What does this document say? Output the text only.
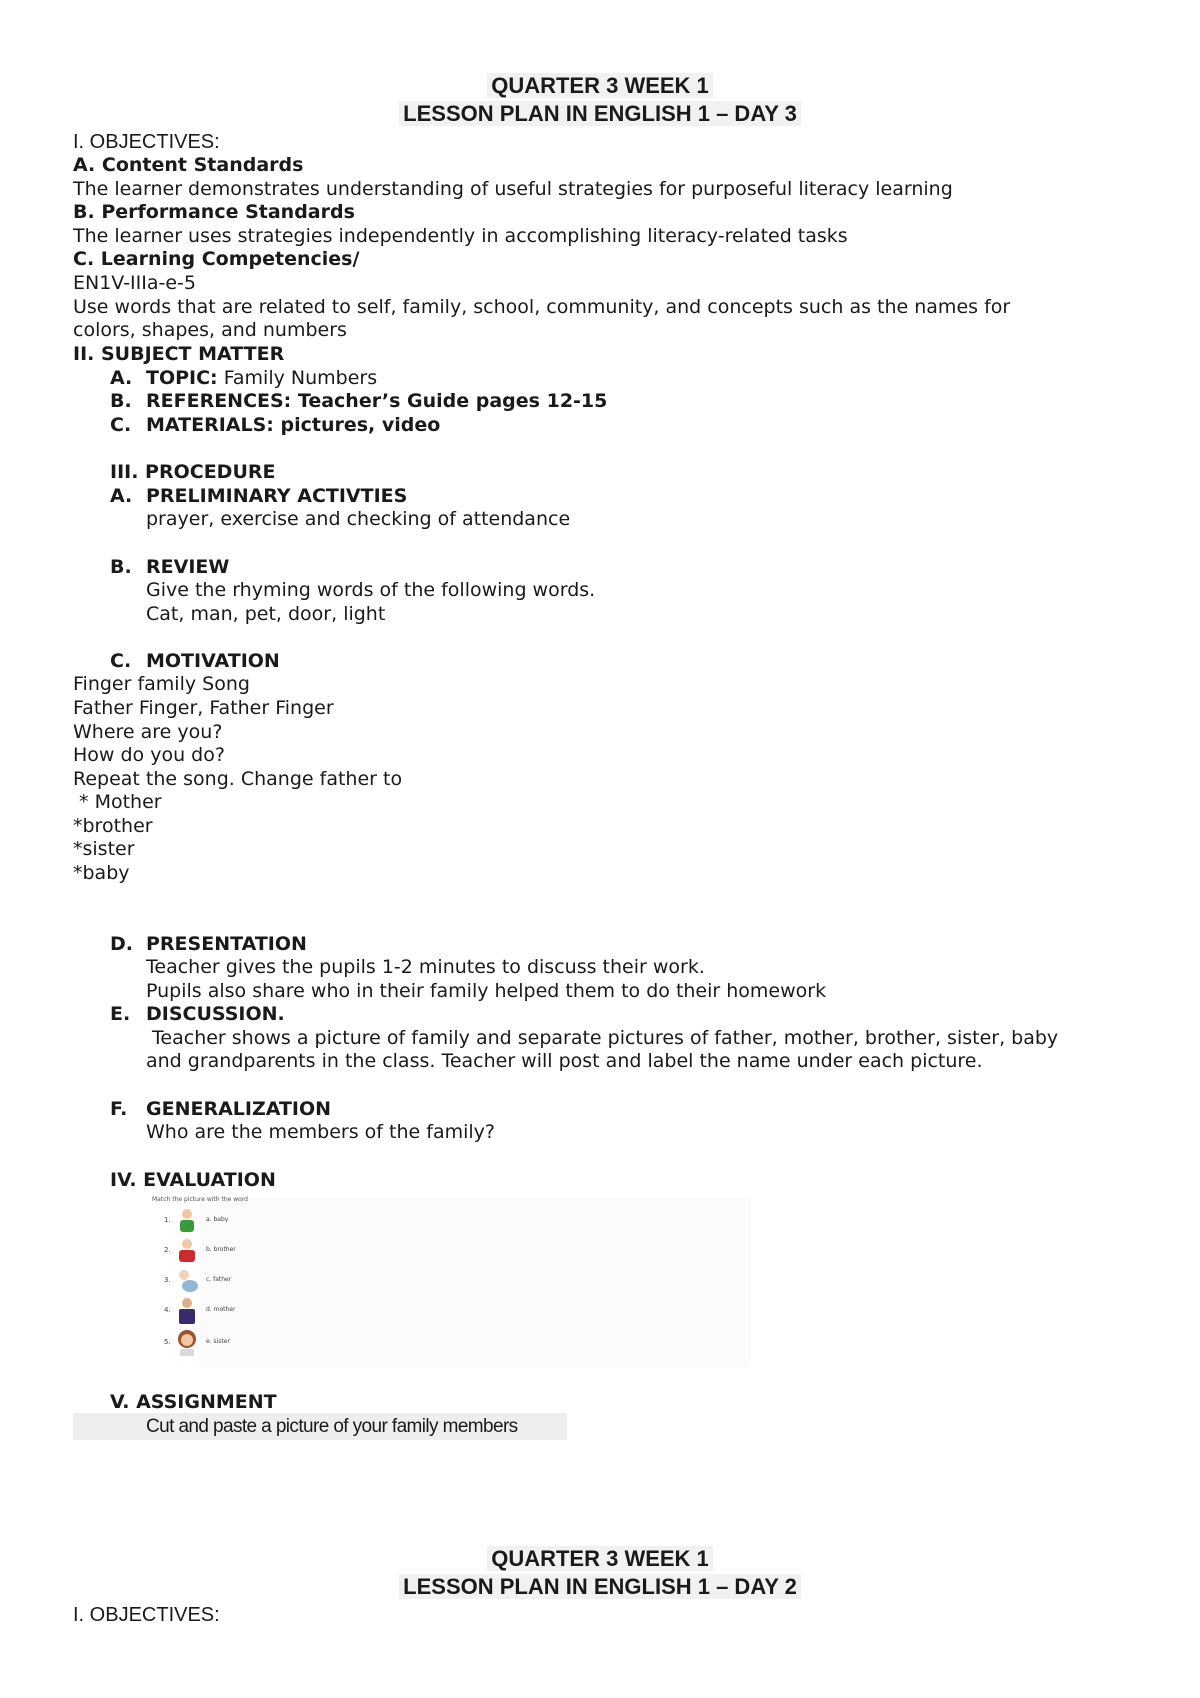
QUARTER 3 WEEK 1
LESSON PLAN IN ENGLISH 1 – DAY 3
I. OBJECTIVES:
A. Content Standards
The learner demonstrates understanding of useful strategies for purposeful literacy learning
B. Performance Standards
The learner uses strategies independently in accomplishing literacy-related tasks
C. Learning Competencies/
EN1V-IIIa-e-5
Use words that are related to self, family, school, community, and concepts such as the names for
colors, shapes, and numbers
II. SUBJECT MATTER
A. TOPIC: Family Numbers
B. REFERENCES: Teacher’s Guide pages 12-15
C. MATERIALS: pictures, video
III. PROCEDURE
A. PRELIMINARY ACTIVTIES
prayer, exercise and checking of attendance
B. REVIEW
Give the rhyming words of the following words.
Cat, man, pet, door, light
C. MOTIVATION
Finger family Song
Father Finger, Father Finger
Where are you?
How do you do?
Repeat the song. Change father to
* Mother
*brother
*sister
*baby
D. PRESENTATION
Teacher gives the pupils 1-2 minutes to discuss their work.
Pupils also share who in their family helped them to do their homework
E. DISCUSSION.
Teacher shows a picture of family and separate pictures of father, mother, brother, sister, baby
and grandparents in the class. Teacher will post and label the name under each picture.
F. GENERALIZATION
Who are the members of the family?
IV. EVALUATION
Match the picture with the word
1.	a. baby
2.	b. brother
3.	c. father
4.	d. mother
5.	e. sister
V. ASSIGNMENT
Cut and paste a picture of your family members
QUARTER 3 WEEK 1
LESSON PLAN IN ENGLISH 1 – DAY 2
I. OBJECTIVES:
